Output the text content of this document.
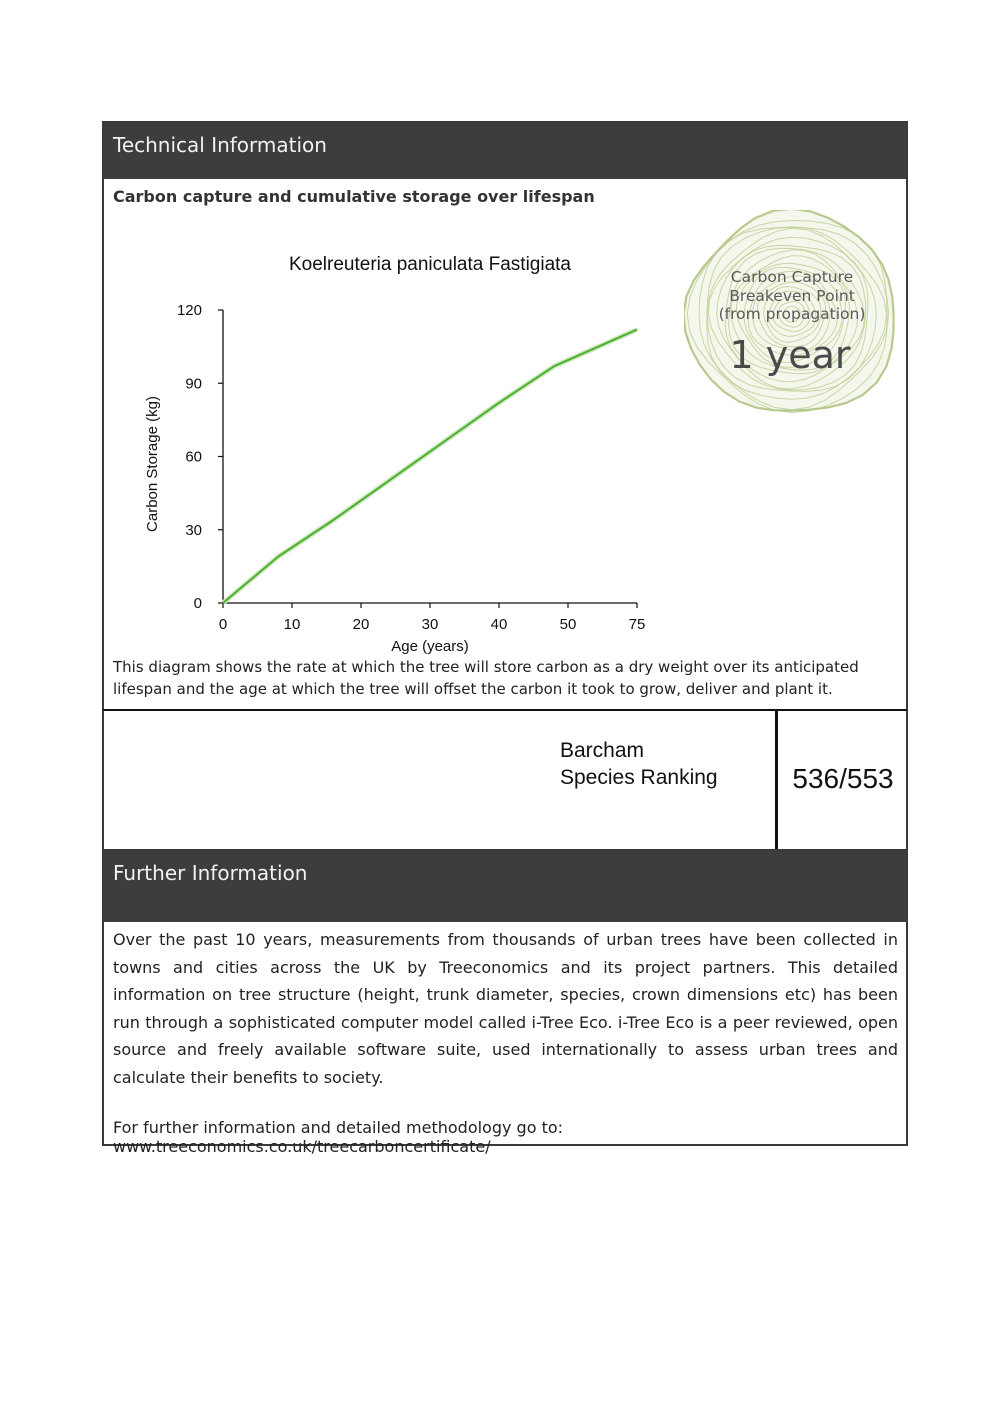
Technical Information
Carbon capture and cumulative storage over lifespan
Koelreuteria paniculata Fastigiata
0
30
60
90
120
0	10	20	30	40	50	75
Carbon Storage (kg)
Age (years)
This diagram shows the rate at which the tree will store carbon as a dry weight over its anticipated lifespan and the age at which the tree will offset the carbon it took to grow, deliver and plant it.
Carbon Capture
Breakeven Point
(from propagation)
1 year
Barcham
Species Ranking	536/553
Further Information
Over the past 10 years, measurements from thousands of urban trees have been collected in towns and cities across the UK by Treeconomics and its project partners. This detailed information on tree structure (height, trunk diameter, species, crown dimensions etc) has been run through a sophisticated computer model called i-Tree Eco. i-Tree Eco is a peer reviewed, open source and freely available software suite, used internationally to assess urban trees and calculate their benefits to society.
For further information and detailed methodology go to: www.treeconomics.co.uk/treecarboncertificate/
